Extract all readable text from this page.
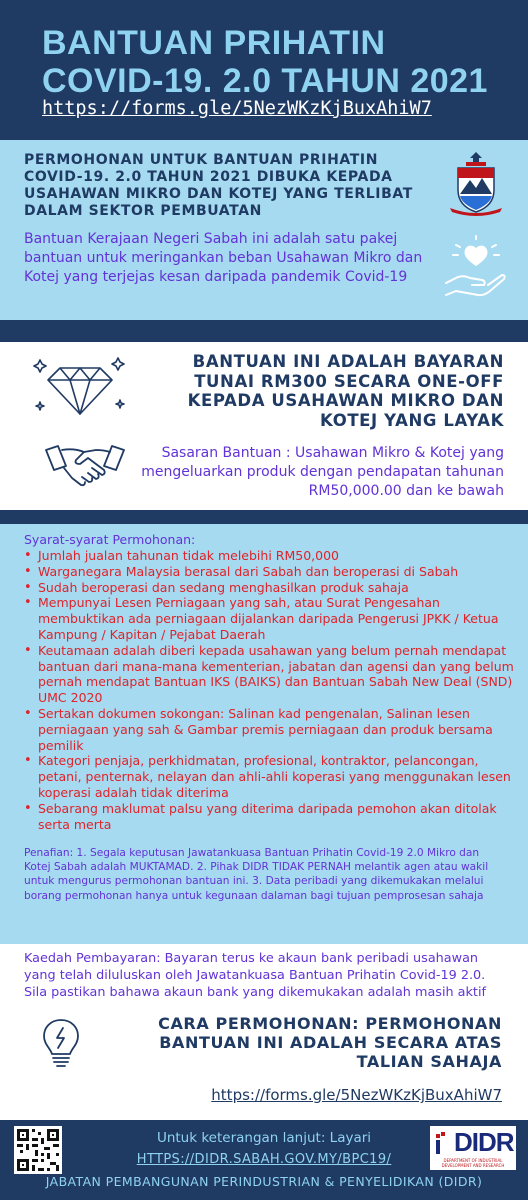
BANTUAN PRIHATIN COVID-19. 2.0 TAHUN 2021
https://forms.gle/5NezWKzKjBuxAhiW7
PERMOHONAN UNTUK BANTUAN PRIHATIN COVID-19. 2.0 TAHUN 2021 DIBUKA KEPADA USAHAWAN MIKRO DAN KOTEJ YANG TERLIBAT DALAM SEKTOR PEMBUATAN
Bantuan Kerajaan Negeri Sabah ini adalah satu pakej bantuan untuk meringankan beban Usahawan Mikro dan Kotej yang terjejas kesan daripada pandemik Covid-19
BANTUAN INI ADALAH BAYARAN TUNAI RM300 SECARA ONE-OFF KEPADA USAHAWAN MIKRO DAN KOTEJ YANG LAYAK
Sasaran Bantuan : Usahawan Mikro & Kotej yang mengeluarkan produk dengan pendapatan tahunan RM50,000.00 dan ke bawah
Syarat-syarat Permohonan:
• Jumlah jualan tahunan tidak melebihi RM50,000
• Warganegara Malaysia berasal dari Sabah dan beroperasi di Sabah
• Sudah beroperasi dan sedang menghasilkan produk sahaja
• Mempunyai Lesen Perniagaan yang sah, atau Surat Pengesahan membuktikan ada perniagaan dijalankan daripada Pengerusi JPKK / Ketua Kampung / Kapitan / Pejabat Daerah
• Keutamaan adalah diberi kepada usahawan yang belum pernah mendapat bantuan dari mana-mana kementerian, jabatan dan agensi dan yang belum pernah mendapat Bantuan IKS (BAIKS) dan Bantuan Sabah New Deal (SND) UMC 2020
• Sertakan dokumen sokongan: Salinan kad pengenalan, Salinan lesen perniagaan yang sah & Gambar premis perniagaan dan produk bersama pemilik
• Kategori penjaja, perkhidmatan, profesional, kontraktor, pelancongan, petani, penternak, nelayan dan ahli-ahli koperasi yang menggunakan lesen koperasi adalah tidak diterima
• Sebarang maklumat palsu yang diterima daripada pemohon akan ditolak serta merta
Penafian: 1. Segala keputusan Jawatankuasa Bantuan Prihatin Covid-19 2.0 Mikro dan Kotej Sabah adalah MUKTAMAD. 2. Pihak DIDR TIDAK PERNAH melantik agen atau wakil untuk mengurus permohonan bantuan ini. 3. Data peribadi yang dikemukakan melalui borang permohonan hanya untuk kegunaan dalaman bagi tujuan pemprosesan sahaja
Kaedah Pembayaran: Bayaran terus ke akaun bank peribadi usahawan yang telah diluluskan oleh Jawatankuasa Bantuan Prihatin Covid-19 2.0. Sila pastikan bahawa akaun bank yang dikemukakan adalah masih aktif
CARA PERMOHONAN: PERMOHONAN BANTUAN INI ADALAH SECARA ATAS TALIAN SAHAJA
https://forms.gle/5NezWKzKjBuxAhiW7
Untuk keterangan lanjut: Layari
HTTPS://DIDR.SABAH.GOV.MY/BPC19/
JABATAN PEMBANGUNAN PERINDUSTRIAN & PENYELIDIKAN (DIDR)
DIDR
DEPARTMENT OF INDUSTRIAL DEVELOPMENT AND RESEARCH
